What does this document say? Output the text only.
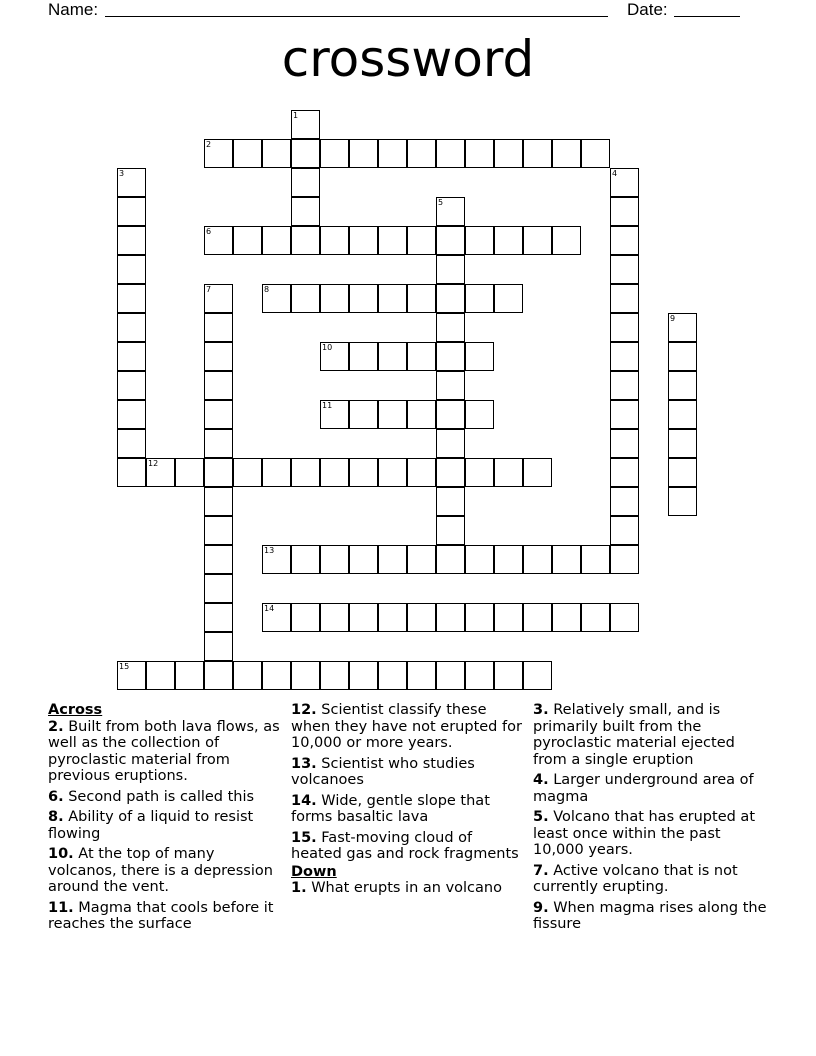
Name:	Date:
crossword
1
2
3	4
5
6
7	8
9
10
11
12
13
14
15

Across

2. Built from both lava flows, as well as the collection of pyroclastic material from previous eruptions.

6. Second path is called this

8. Ability of a liquid to resist flowing

10. At the top of many volcanos, there is a depression around the vent.

11. Magma that cools before it reaches the surface

12. Scientist classify these when they have not erupted for 10,000 or more years.

13. Scientist who studies volcanoes

14. Wide, gentle slope that forms basaltic lava

15. Fast-moving cloud of heated gas and rock fragments

Down

1. What erupts in an volcano

3. Relatively small, and is primarily built from the pyroclastic material ejected from a single eruption

4. Larger underground area of magma

5. Volcano that has erupted at least once within the past 10,000 years.

7. Active volcano that is not currently erupting.

9. When magma rises along the fissure
